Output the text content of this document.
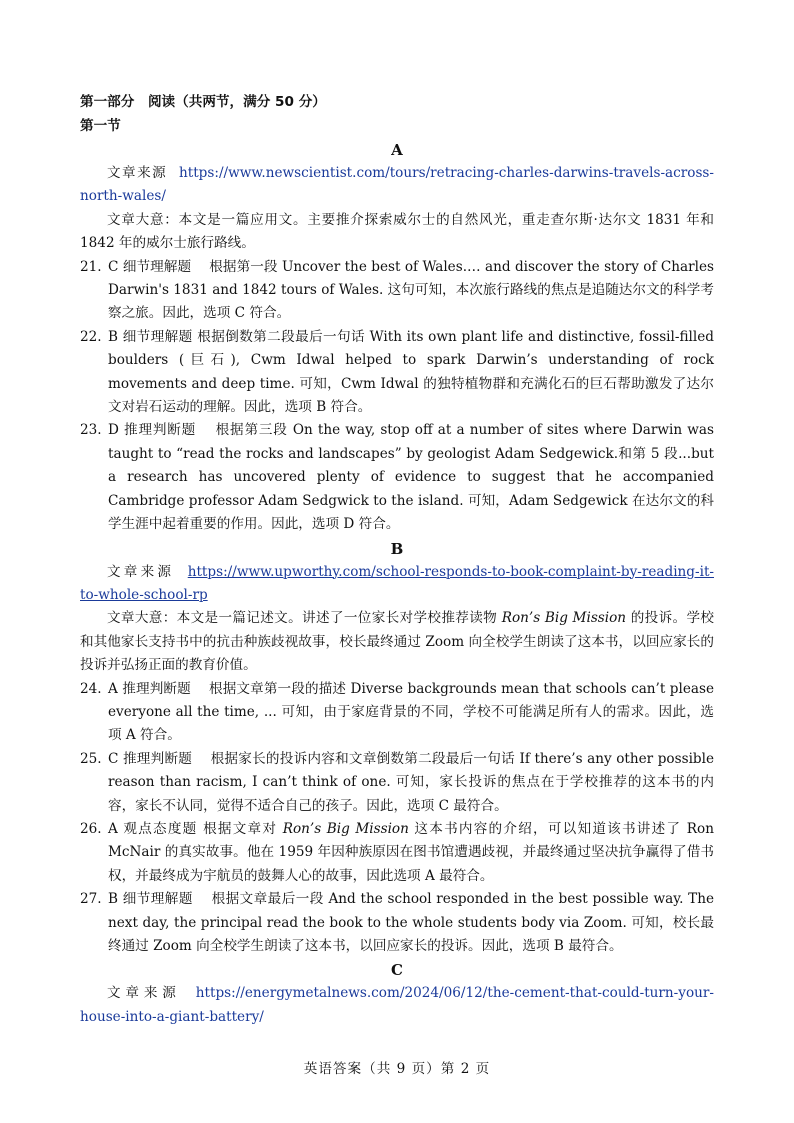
第一部分　阅读（共两节，满分 50 分）
第一节
A
文章来源 https://www.newscientist.com/tours/retracing-charles-darwins-travels-across-north-wales/
文章大意：本文是一篇应用文。主要推介探索威尔士的自然风光，重走查尔斯·达尔文 1831 年和 1842 年的威尔士旅行路线。
21. C 细节理解题　 根据第一段 Uncover the best of Wales.… and discover the story of Charles Darwin's 1831 and 1842 tours of Wales. 这句可知，本次旅行路线的焦点是追随达尔文的科学考察之旅。因此，选项 C 符合。
22. B 细节理解题 根据倒数第二段最后一句话 With its own plant life and distinctive, fossil-filled boulders (巨石), Cwm Idwal helped to spark Darwin’s understanding of rock movements and deep time. 可知，Cwm Idwal 的独特植物群和充满化石的巨石帮助激发了达尔文对岩石运动的理解。因此，选项 B 符合。
23. D 推理判断题　 根据第三段 On the way, stop off at a number of sites where Darwin was taught to “read the rocks and landscapes” by geologist Adam Sedgewick.和第 5 段...but a research has uncovered plenty of evidence to suggest that he accompanied Cambridge professor Adam Sedgwick to the island. 可知，Adam Sedgewick 在达尔文的科学生涯中起着重要的作用。因此，选项 D 符合。
B
文章来源 https://www.upworthy.com/school-responds-to-book-complaint-by-reading-it-to-whole-school-rp
文章大意：本文是一篇记述文。讲述了一位家长对学校推荐读物 Ron’s Big Mission 的投诉。学校和其他家长支持书中的抗击种族歧视故事，校长最终通过 Zoom 向全校学生朗读了这本书，以回应家长的投诉并弘扬正面的教育价值。
24. A 推理判断题　 根据文章第一段的描述 Diverse backgrounds mean that schools can’t please everyone all the time, ... 可知，由于家庭背景的不同，学校不可能满足所有人的需求。因此，选项 A 符合。
25. C 推理判断题　 根据家长的投诉内容和文章倒数第二段最后一句话 If there’s any other possible reason than racism, I can’t think of one. 可知，家长投诉的焦点在于学校推荐的这本书的内容，家长不认同，觉得不适合自己的孩子。因此，选项 C 最符合。
26. A 观点态度题 根据文章对 Ron’s Big Mission 这本书内容的介绍，可以知道该书讲述了 Ron McNair 的真实故事。他在 1959 年因种族原因在图书馆遭遇歧视，并最终通过坚决抗争赢得了借书权，并最终成为宇航员的鼓舞人心的故事，因此选项 A 最符合。
27. B 细节理解题　 根据文章最后一段 And the school responded in the best possible way. The next day, the principal read the book to the whole students body via Zoom. 可知，校长最终通过 Zoom 向全校学生朗读了这本书，以回应家长的投诉。因此，选项 B 最符合。
C
文章来源 https://energymetalnews.com/2024/06/12/the-cement-that-could-turn-your-house-into-a-giant-battery/
英语答案（共 9 页）第 2 页
